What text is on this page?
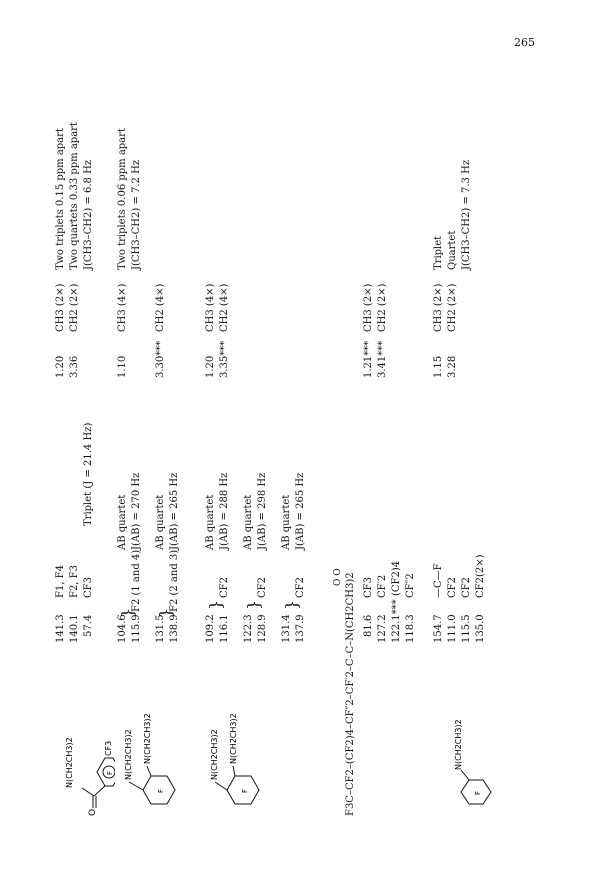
265
O
N(CH2CH3)2	F
CF3
F
N(CH2CH3)2 N(CH2CH3)2
F
N(CH2CH3)2 N(CH2CH3)2
F
N(CH2CH3)2
F3C–CF2–(CF2)4–CF″2–CF′2–C–C–N(CH2CH3)2
O O
141.3
F1, F4
1.20
CH3 (2×)
Two triplets 0.15 ppm apart
140.1
F2, F3
3.36
CH2 (2×)
Two quartets 0.33 ppm apart
57.4
CF3
Triplet (J = 21.4 Hz)
J(CH3–CH2) = 6.8 Hz
104.6
AB quartet
1.10
CH3 (4×)
Two triplets 0.06 ppm apart
115.9
F2 (1 and 4)
J(AB) = 270 Hz
J(CH3–CH2) = 7.2 Hz
131.5
AB quartet
3.30***
CH2 (4×)
138.9
F2 (2 and 3)
J(AB) = 265 Hz
109.2
AB quartet
1.20
CH3 (4×)
116.1
CF2
J(AB) = 288 Hz
3.35***
CH2 (4×)
122.3
AB quartet
128.9
CF2
J(AB) = 298 Hz
131.4
AB quartet
137.9
CF2
J(AB) = 265 Hz
81.6
CF3
1.21***
CH3 (2×)
127.2
CF′2
3.41***
CH2 (2×)
122.1***
(CF2)4
118.3
CF″2
154.7
—C—F
1.15
CH3 (2×)
Triplet
111.0
CF2
3.28
CH2 (2×)
Quartet
115.5
CF2
J(CH3–CH2) = 7.3 Hz
135.0
CF2(2×)
} }
} } }
